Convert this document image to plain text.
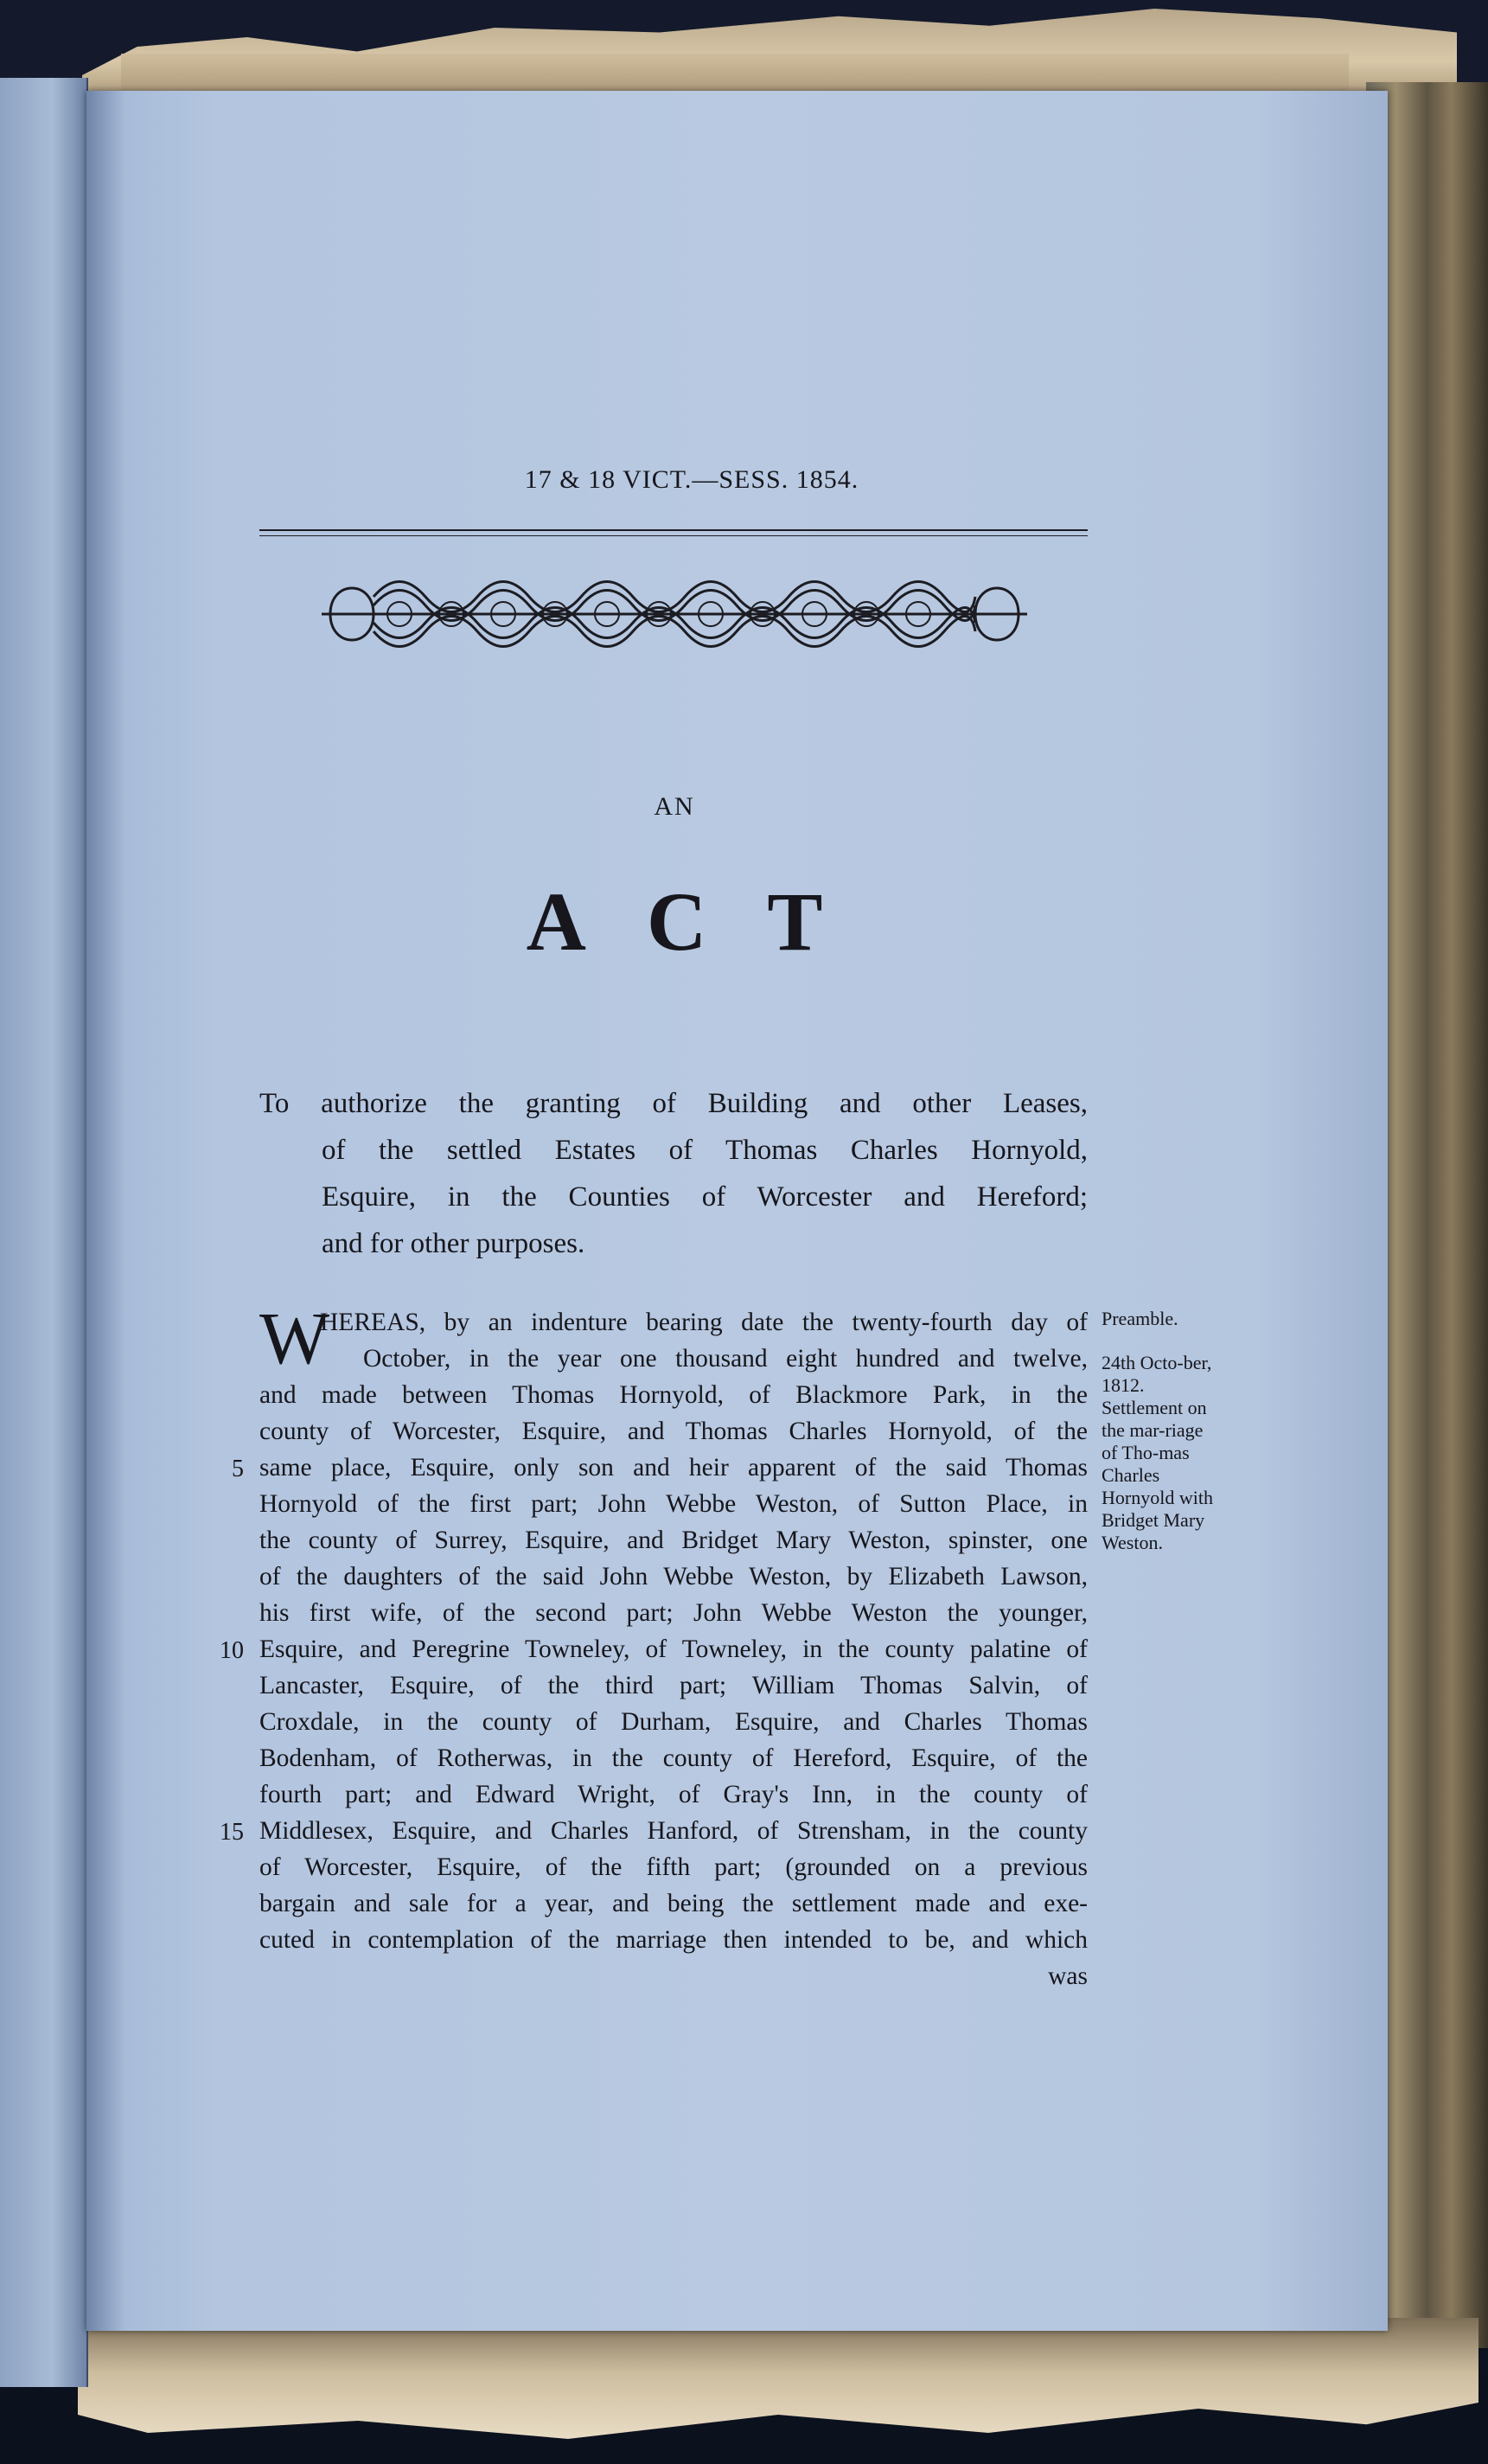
17 & 18 VICT.—SESS. 1854.
AN
ACT
To authorize the granting of Building and other Leases,
of the settled Estates of Thomas Charles Hornyold,
Esquire, in the Counties of Worcester and Hereford;
and for other purposes.
W
HEREAS, by an indenture bearing date the twenty-fourth day of
October, in the year one thousand eight hundred and twelve,
and made between Thomas Hornyold, of Blackmore Park, in the
county of Worcester, Esquire, and Thomas Charles Hornyold, of the
same place, Esquire, only son and heir apparent of the said Thomas
Hornyold of the first part; John Webbe Weston, of Sutton Place, in
the county of Surrey, Esquire, and Bridget Mary Weston, spinster, one
of the daughters of the said John Webbe Weston, by Elizabeth Lawson,
his first wife, of the second part; John Webbe Weston the younger,
Esquire, and Peregrine Towneley, of Towneley, in the county palatine of
Lancaster, Esquire, of the third part; William Thomas Salvin, of
Croxdale, in the county of Durham, Esquire, and Charles Thomas
Bodenham, of Rotherwas, in the county of Hereford, Esquire, of the
fourth part; and Edward Wright, of Gray's Inn, in the county of
Middlesex, Esquire, and Charles Hanford, of Strensham, in the county
of Worcester, Esquire, of the fifth part; (grounded on a previous
bargain and sale for a year, and being the settlement made and exe-
cuted in contemplation of the marriage then intended to be, and which
was
5
10
15
Preamble.
24th Octo-ber, 1812. Settlement on the mar-riage of Tho-mas Charles Hornyold with Bridget Mary Weston.
